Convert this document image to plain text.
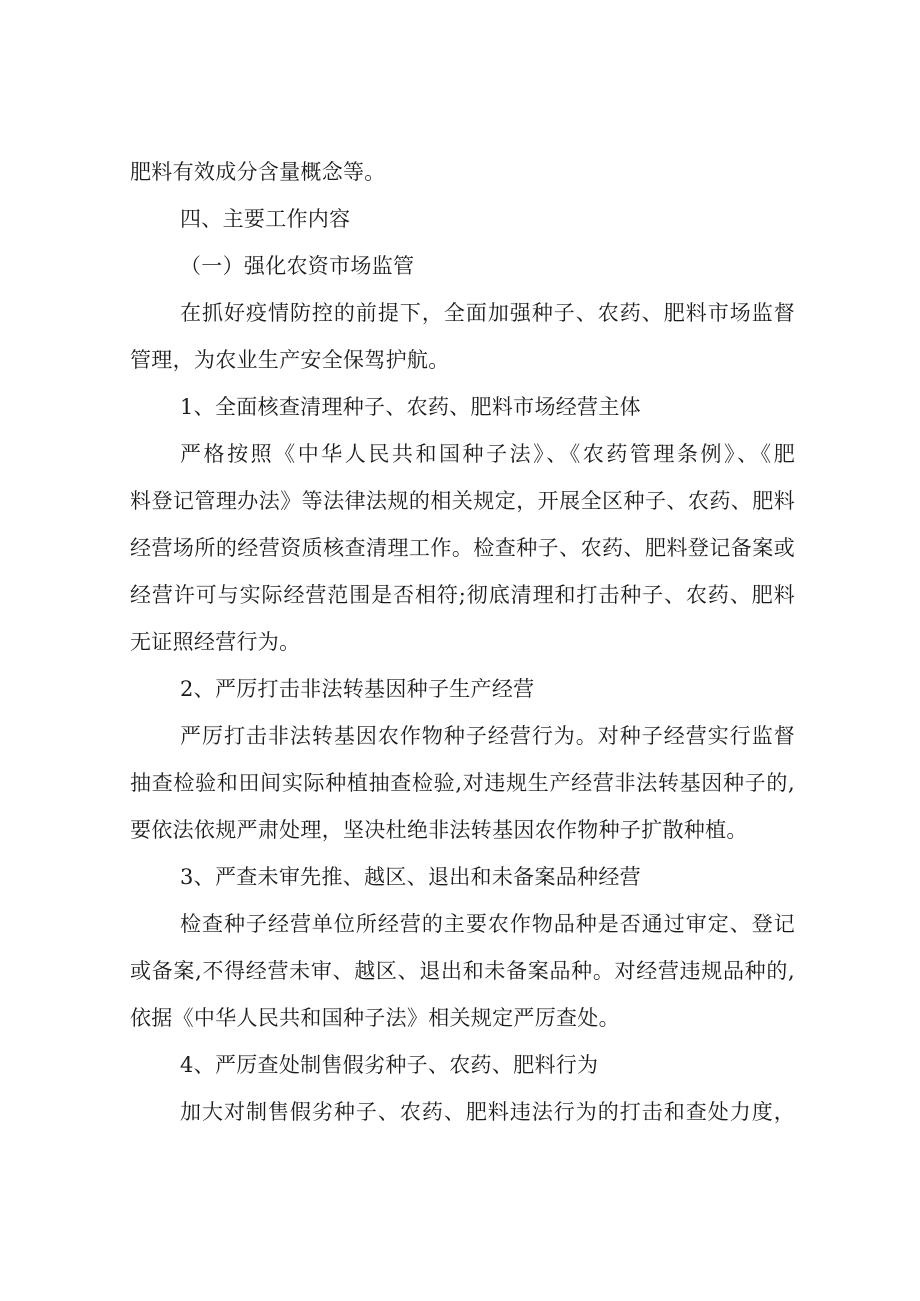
肥料有效成分含量概念等。
四、主要工作内容
（一）强化农资市场监管
在抓好疫情防控的前提下，全面加强种子、农药、肥料市场监督
管理，为农业生产安全保驾护航。
1、全面核查清理种子、农药、肥料市场经营主体
严格按照《中华人民共和国种子法》、《农药管理条例》、《肥
料登记管理办法》等法律法规的相关规定，开展全区种子、农药、肥料
经营场所的经营资质核查清理工作。检查种子、农药、肥料登记备案或
经营许可与实际经营范围是否相符;彻底清理和打击种子、农药、肥料
无证照经营行为。
2、严厉打击非法转基因种子生产经营
严厉打击非法转基因农作物种子经营行为。对种子经营实行监督
抽查检验和田间实际种植抽查检验,对违规生产经营非法转基因种子的,
要依法依规严肃处理，坚决杜绝非法转基因农作物种子扩散种植。
3、严查未审先推、越区、退出和未备案品种经营
检查种子经营单位所经营的主要农作物品种是否通过审定、登记
或备案,不得经营未审、越区、退出和未备案品种。对经营违规品种的,
依据《中华人民共和国种子法》相关规定严厉查处。
4、严厉查处制售假劣种子、农药、肥料行为
加大对制售假劣种子、农药、肥料违法行为的打击和查处力度，
